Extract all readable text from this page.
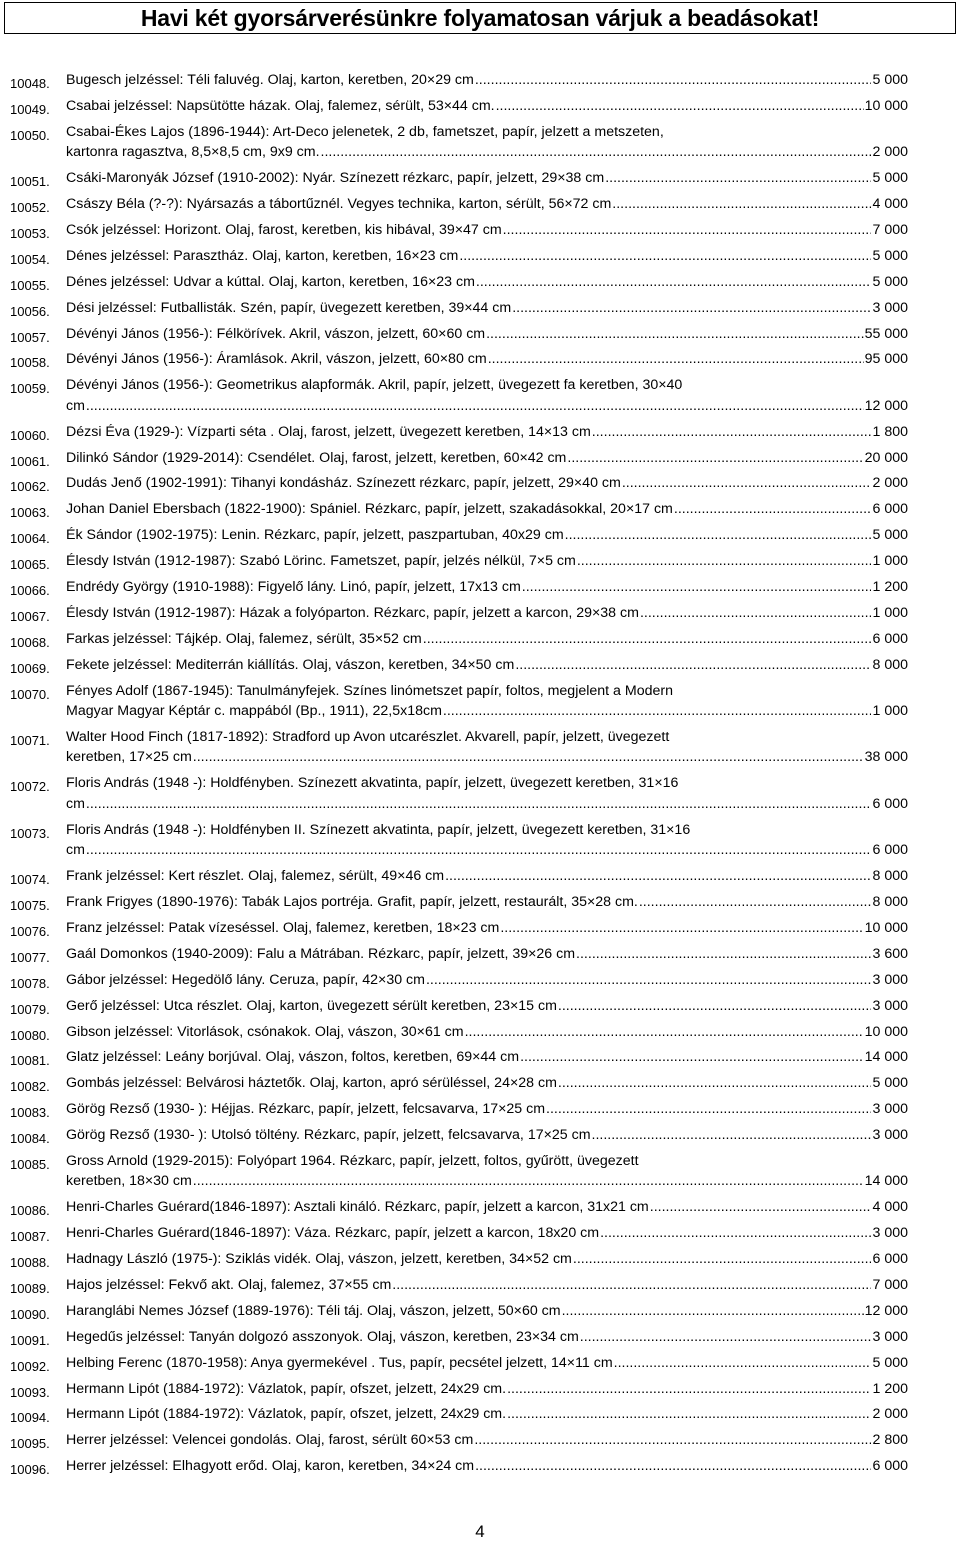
Havi két gyorsárverésünkre folyamatosan várjuk a beadásokat!
10048.	Bugesch jelzéssel: Téli faluvég. Olaj, karton, keretben, 20×29 cm .....	5 000
10049.	Csabai jelzéssel: Napsütötte házak. Olaj, falemez, sérült, 53×44 cm. .....	10 000
10050.	Csabai-Ékes Lajos (1896-1944): Art-Deco jelenetek, 2 db, fametszet, papír, jelzett a metszeten,
kartonra ragasztva, 8,5×8,5 cm, 9x9 cm. .....	2 000
10051.	Csáki-Maronyák József (1910-2002): Nyár. Színezett rézkarc, papír, jelzett, 29×38 cm .....	5 000
10052.	Császy Béla (?-?): Nyársazás a tábortűznél. Vegyes technika, karton, sérült, 56×72 cm .....	4 000
10053.	Csók jelzéssel: Horizont. Olaj, farost, keretben, kis hibával, 39×47 cm .....	7 000
10054.	Dénes jelzéssel: Parasztház. Olaj, karton, keretben, 16×23 cm .....	5 000
10055.	Dénes jelzéssel: Udvar a kúttal. Olaj, karton, keretben, 16×23 cm .....	5 000
10056.	Dési jelzéssel: Futballisták. Szén, papír, üvegezett keretben, 39×44 cm .....	3 000
10057.	Dévényi János (1956-): Félkörívek. Akril, vászon, jelzett, 60×60 cm .....	55 000
10058.	Dévényi János (1956-): Áramlások. Akril, vászon, jelzett, 60×80 cm .....	95 000
10059.	Dévényi János (1956-): Geometrikus alapformák. Akril, papír, jelzett, üvegezett fa keretben, 30×40
cm .....	12 000
10060.	Dézsi Éva (1929-): Vízparti séta . Olaj, farost, jelzett, üvegezett keretben, 14×13 cm .....	1 800
10061.	Dilinkó Sándor (1929-2014): Csendélet. Olaj, farost, jelzett, keretben, 60×42 cm .....	20 000
10062.	Dudás Jenő (1902-1991): Tihanyi kondásház. Színezett rézkarc, papír, jelzett, 29×40 cm .....	2 000
10063.	Johan Daniel Ebersbach (1822-1900): Spániel. Rézkarc, papír, jelzett, szakadásokkal, 20×17 cm .....	6 000
10064.	Ék Sándor (1902-1975): Lenin. Rézkarc, papír, jelzett, paszpartuban, 40x29 cm .....	5 000
10065.	Élesdy István (1912-1987): Szabó Lörinc. Fametszet, papír, jelzés nélkül, 7×5 cm .....	1 000
10066.	Endrédy György (1910-1988): Figyelő lány. Linó, papír, jelzett, 17x13 cm .....	1 200
10067.	Élesdy István (1912-1987): Házak a folyóparton. Rézkarc, papír, jelzett a karcon, 29×38 cm .....	1 000
10068.	Farkas jelzéssel: Tájkép. Olaj, falemez, sérült, 35×52 cm .....	6 000
10069.	Fekete jelzéssel: Mediterrán kiállítás. Olaj, vászon, keretben, 34×50 cm .....	8 000
10070.	Fényes Adolf (1867-1945): Tanulmányfejek. Színes linómetszet papír, foltos, megjelent a Modern
Magyar Magyar Képtár c. mappából (Bp., 1911), 22,5x18cm .....	1 000
10071.	Walter Hood Finch (1817-1892): Stradford up Avon utcarészlet. Akvarell, papír, jelzett, üvegezett
keretben, 17×25 cm .....	38 000
10072.	Floris András (1948 -): Holdfényben. Színezett akvatinta, papír, jelzett, üvegezett keretben, 31×16
cm .....	6 000
10073.	Floris András (1948 -): Holdfényben II. Színezett akvatinta, papír, jelzett, üvegezett keretben, 31×16
cm .....	6 000
10074.	Frank jelzéssel: Kert részlet. Olaj, falemez, sérült, 49×46 cm .....	8 000
10075.	Frank Frigyes (1890-1976): Tabák Lajos portréja. Grafit, papír, jelzett, restaurált, 35×28 cm. .....	8 000
10076.	Franz jelzéssel: Patak vízeséssel. Olaj, falemez, keretben, 18×23 cm .....	10 000
10077.	Gaál Domonkos (1940-2009): Falu a Mátrában. Rézkarc, papír, jelzett, 39×26 cm .....	3 600
10078.	Gábor jelzéssel: Hegedölő lány. Ceruza, papír, 42×30 cm .....	3 000
10079.	Gerő jelzéssel: Utca részlet. Olaj, karton, üvegezett sérült keretben, 23×15 cm .....	3 000
10080.	Gibson jelzéssel: Vitorlások, csónakok. Olaj, vászon, 30×61 cm .....	10 000
10081.	Glatz jelzéssel: Leány borjúval. Olaj, vászon, foltos, keretben, 69×44 cm .....	14 000
10082.	Gombás jelzéssel: Belvárosi háztetők. Olaj, karton, apró sérüléssel, 24×28 cm .....	5 000
10083.	Görög Rezső (1930- ): Héjjas. Rézkarc, papír, jelzett, felcsavarva, 17×25 cm .....	3 000
10084.	Görög Rezső (1930- ): Utolsó töltény. Rézkarc, papír, jelzett, felcsavarva, 17×25 cm .....	3 000
10085.	Gross Arnold (1929-2015): Folyópart 1964. Rézkarc, papír, jelzett, foltos, gyűrött, üvegezett
keretben, 18×30 cm .....	14 000
10086.	Henri-Charles Guérard(1846-1897): Asztali kináló. Rézkarc, papír, jelzett a karcon, 31x21 cm .....	4 000
10087.	Henri-Charles Guérard(1846-1897): Váza. Rézkarc, papír, jelzett a karcon, 18x20 cm .....	3 000
10088.	Hadnagy László (1975-): Sziklás vidék. Olaj, vászon, jelzett, keretben, 34×52 cm .....	6 000
10089.	Hajos jelzéssel: Fekvő akt. Olaj, falemez, 37×55 cm .....	7 000
10090.	Haranglábi Nemes József (1889-1976): Téli táj. Olaj, vászon, jelzett, 50×60 cm .....	12 000
10091.	Hegedűs jelzéssel: Tanyán dolgozó asszonyok. Olaj, vászon, keretben, 23×34 cm .....	3 000
10092.	Helbing Ferenc (1870-1958): Anya gyermekével . Tus, papír, pecsétel jelzett, 14×11 cm .....	5 000
10093.	Hermann Lipót (1884-1972): Vázlatok, papír, ofszet, jelzett, 24x29 cm. .....	1 200
10094.	Hermann Lipót (1884-1972): Vázlatok, papír, ofszet, jelzett, 24x29 cm. .....	2 000
10095.	Herrer jelzéssel: Velencei gondolás. Olaj, farost, sérült 60×53 cm .....	2 800
10096.	Herrer jelzéssel: Elhagyott erőd. Olaj, karon, keretben, 34×24 cm .....	6 000
4
